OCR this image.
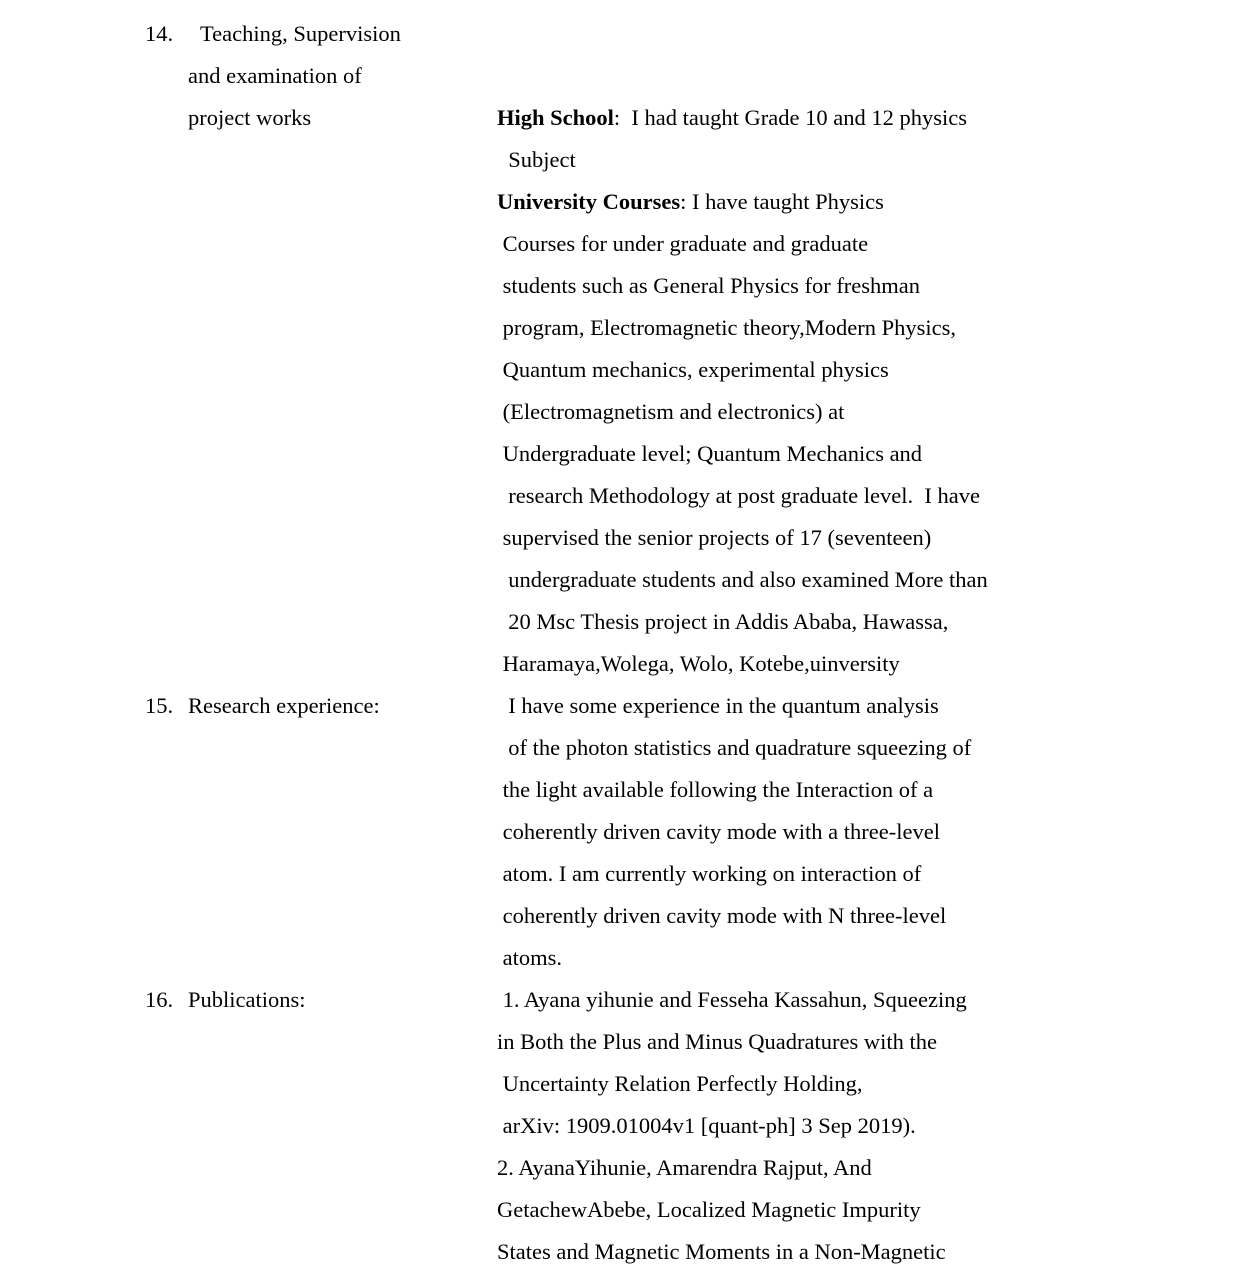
14. Teaching, Supervision
and examination of
project works	High School:  I had taught Grade 10 and 12 physics
Subject
University Courses: I have taught Physics
Courses for under graduate and graduate
students such as General Physics for freshman
program, Electromagnetic theory,Modern Physics,
Quantum mechanics, experimental physics
(Electromagnetism and electronics) at
Undergraduate level; Quantum Mechanics and
research Methodology at post graduate level.  I have
supervised the senior projects of 17 (seventeen)
undergraduate students and also examined More than
20 Msc Thesis project in Addis Ababa, Hawassa,
Haramaya,Wolega, Wolo, Kotebe,uinversity
15. Research experience:	I have some experience in the quantum analysis
of the photon statistics and quadrature squeezing of
the light available following the Interaction of a
coherently driven cavity mode with a three-level
atom. I am currently working on interaction of
coherently driven cavity mode with N three-level
atoms.
16. Publications:	1. Ayana yihunie and Fesseha Kassahun, Squeezing
in Both the Plus and Minus Quadratures with the
Uncertainty Relation Perfectly Holding,
arXiv: 1909.01004v1 [quant-ph] 3 Sep 2019).
2. AyanaYihunie, Amarendra Rajput, And
GetachewAbebe, Localized Magnetic Impurity
States and Magnetic Moments in a Non-Magnetic
